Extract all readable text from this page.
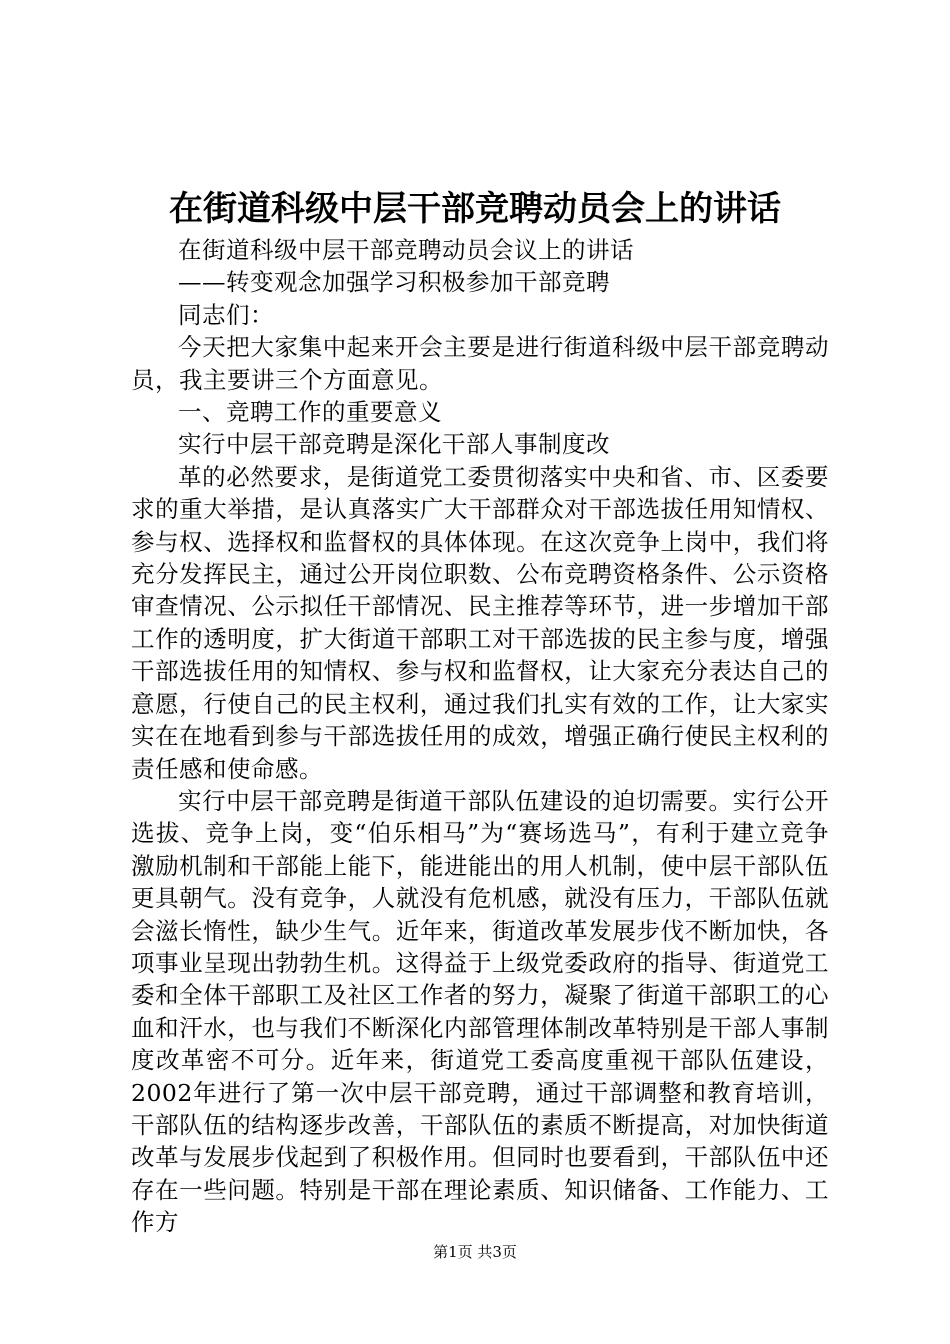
在街道科级中层干部竞聘动员会上的讲话

在街道科级中层干部竞聘动员会议上的讲话

——转变观念加强学习积极参加干部竞聘

同志们：

今天把大家集中起来开会主要是进行街道科级中层干部竞聘动员，我主要讲三个方面意见。

一、竞聘工作的重要意义

实行中层干部竞聘是深化干部人事制度改

革的必然要求，是街道党工委贯彻落实中央和省、市、区委要求的重大举措，是认真落实广大干部群众对干部选拔任用知情权、参与权、选择权和监督权的具体体现。在这次竞争上岗中，我们将充分发挥民主，通过公开岗位职数、公布竞聘资格条件、公示资格审查情况、公示拟任干部情况、民主推荐等环节，进一步增加干部工作的透明度，扩大街道干部职工对干部选拔的民主参与度，增强干部选拔任用的知情权、参与权和监督权，让大家充分表达自己的意愿，行使自己的民主权利，通过我们扎实有效的工作，让大家实实在在地看到参与干部选拔任用的成效，增强正确行使民主权利的责任感和使命感。

实行中层干部竞聘是街道干部队伍建设的迫切需要。实行公开选拔、竞争上岗，变“伯乐相马”为“赛场选马”，有利于建立竞争激励机制和干部能上能下，能进能出的用人机制，使中层干部队伍更具朝气。没有竞争，人就没有危机感，就没有压力，干部队伍就会滋长惰性，缺少生气。近年来，街道改革发展步伐不断加快，各项事业呈现出勃勃生机。这得益于上级党委政府的指导、街道党工委和全体干部职工及社区工作者的努力，凝聚了街道干部职工的心血和汗水，也与我们不断深化内部管理体制改革特别是干部人事制度改革密不可分。近年来，街道党工委高度重视干部队伍建设，2002年进行了第一次中层干部竞聘，通过干部调整和教育培训，干部队伍的结构逐步改善，干部队伍的素质不断提高，对加快街道改革与发展步伐起到了积极作用。但同时也要看到，干部队伍中还存在一些问题。特别是干部在理论素质、知识储备、工作能力、工作方

第1页 共3页
